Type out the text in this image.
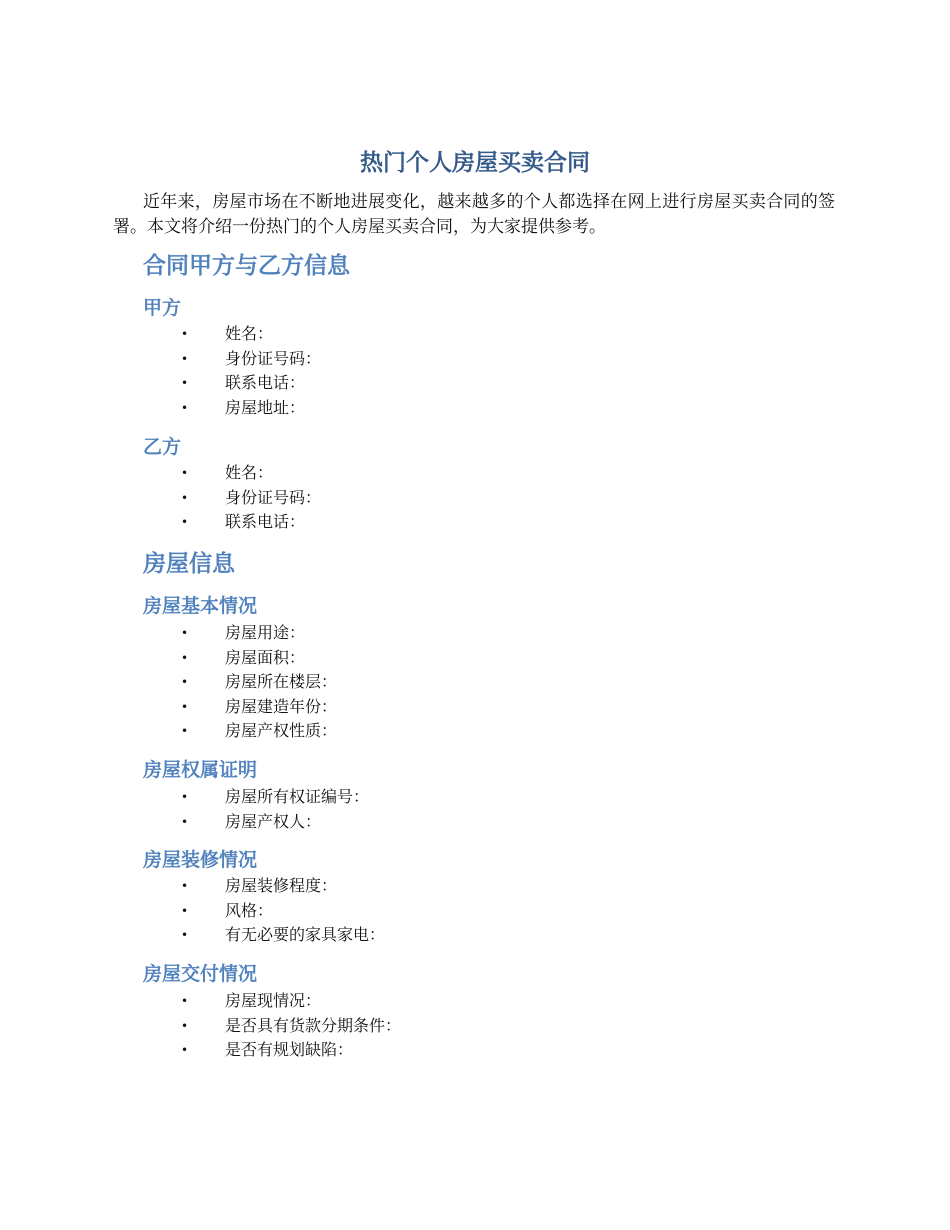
热门个人房屋买卖合同

近年来，房屋市场在不断地进展变化，越来越多的个人都选择在网上进行房屋买卖合同的签署。本文将介绍一份热门的个人房屋买卖合同，为大家提供参考。

合同甲方与乙方信息
甲方
• 姓名：
• 身份证号码：
• 联系电话：
• 房屋地址：
乙方
• 姓名：
• 身份证号码：
• 联系电话：
房屋信息
房屋基本情况
• 房屋用途：
• 房屋面积：
• 房屋所在楼层：
• 房屋建造年份：
• 房屋产权性质：
房屋权属证明
• 房屋所有权证编号：
• 房屋产权人：
房屋装修情况
• 房屋装修程度：
• 风格：
• 有无必要的家具家电：
房屋交付情况
• 房屋现情况：
• 是否具有货款分期条件：
• 是否有规划缺陷：
